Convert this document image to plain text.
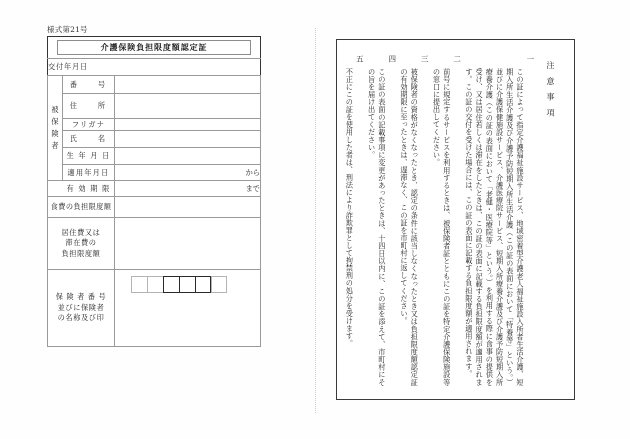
様式第21号
介護保険負担限度額認定証		

交付年月日		

被
保
険
者	番　　号	
	住　　所	
	フリガナ	
	氏　　名	
	生 年 月 日	
	適用年月日	から
有 効 期 限		まで
食費の負担限度額		

居住費又は
滞在費の
負担限度額		

保 険 者 番 号
並びに保険者
の名称及び印		

注意事項
一
この証によって指定介護福祉施設サービス、地域密着型介護老人福祉施設入所者生活介護、短期入所生活介護及び介護予防短期入所生活介護（この証の表面において「特養等」という。）並びに介護保健施設サービス、介護医療院サービス、短期入所療養介護及び介護予防短期入所療養介護（この証の表面において「老健・医療院等」という。）を利用する際に食事の提供を受け、又は居住若しくは滞在をしたときは、この証の表面に記載する負担限度額が適用されます。この証の交付を受けた場合には、この証の表面に記載する負担限度額が適用されます。
二
前号に規定するサービスを利用するときは、被保険者証とともにこの証を特定介護保険施設等の窓口に提出してください。
三
被保険者の資格がなくなったとき、認定の条件に該当しなくなったとき又は負担限度額認定証の有効期限に至ったときは、遅滞なく、この証を市町村に返してください。
四
この証の表面の記載事項に変更があったときは、十四日以内に、この証を添えて、市町村にその旨を届け出てください。
五
不正にこの証を使用した者は、刑法により詐欺罪として拘禁刑の処分を受けます。
